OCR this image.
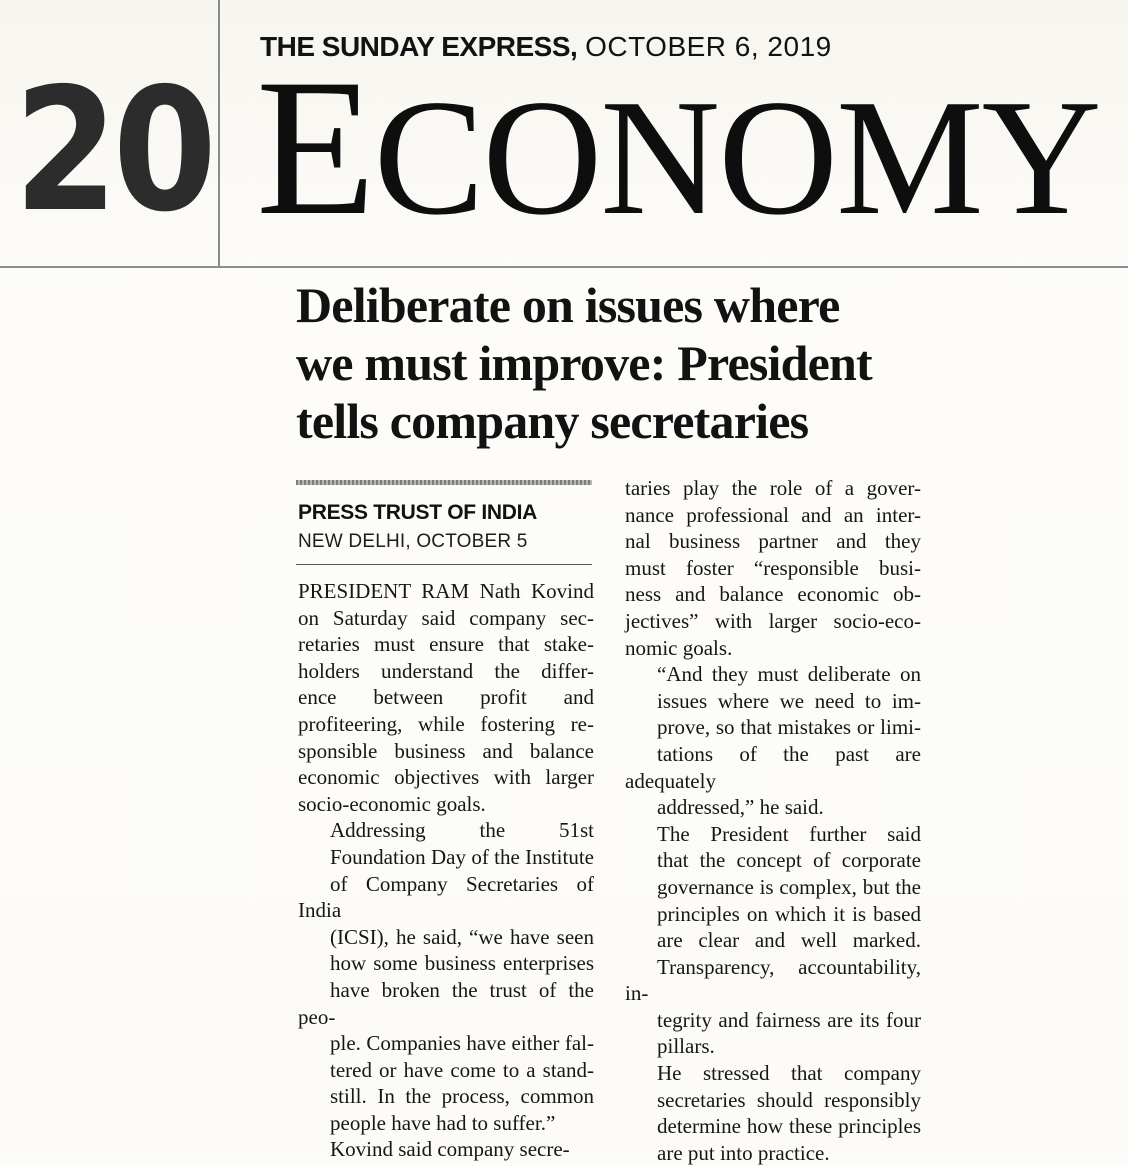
20
THE SUNDAY EXPRESS, OCTOBER 6, 2019
ECONOMY
Deliberate on issues where
we must improve: President
tells company secretaries
PRESS TRUST OF INDIA
NEW DELHI, OCTOBER 5

PRESIDENT RAM Nath Kovind
on Saturday said company sec-
retaries must ensure that stake-
holders understand the differ-
ence between profit and
profiteering, while fostering re-
sponsible business and balance
economic objectives with larger
socio-economic goals.

Addressing the 51st
Foundation Day of the Institute
of Company Secretaries of India
(ICSI), he said, “we have seen
how some business enterprises
have broken the trust of the peo-
ple. Companies have either fal-
tered or have come to a stand-
still. In the process, common
people have had to suffer.”

Kovind said company secre-

taries play the role of a gover-
nance professional and an inter-
nal business partner and they
must foster “responsible busi-
ness and balance economic ob-
jectives” with larger socio-eco-
nomic goals.

“And they must deliberate on
issues where we need to im-
prove, so that mistakes or limi-
tations of the past are adequately
addressed,” he said.

The President further said
that the concept of corporate
governance is complex, but the
principles on which it is based
are clear and well marked.
Transparency, accountability, in-
tegrity and fairness are its four
pillars.

He stressed that company
secretaries should responsibly
determine how these principles
are put into practice.
